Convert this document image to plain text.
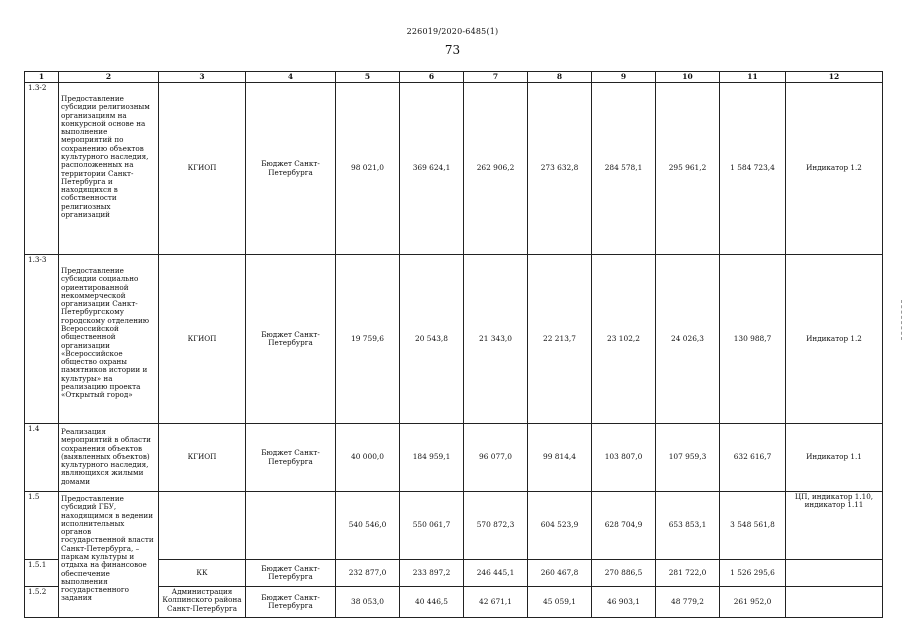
226019/2020-6485(1)
73
1	2	3	4	5	6	7	8	9	10	11	12
1.3-2	Предоставление субсидии религиозным организациям на конкурсной основе на выполнение мероприятий по сохранению объектов культурного наследия, расположенных на территории Санкт-Петербурга и находящихся в собственности религиозных организаций	КГИОП	Бюджет Санкт-Петербурга	98 021,0	369 624,1	262 906,2	273 632,8	284 578,1	295 961,2	1 584 723,4	Индикатор 1.2
1.3-3	Предоставление субсидии социально ориентированной некоммерческой организации Санкт-Петербургскому городскому отделению Всероссийской общественной организации «Всероссийское общество охраны памятников истории и культуры» на реализацию проекта «Открытый город»	КГИОП	Бюджет Санкт-Петербурга	19 759,6	20 543,8	21 343,0	22 213,7	23 102,2	24 026,3	130 988,7	Индикатор 1.2
1.4	Реализация мероприятий в области сохранения объектов (выявленных объектов) культурного наследия, являющихся жилыми домами	КГИОП	Бюджет Санкт-Петербурга	40 000,0	184 959,1	96 077,0	99 814,4	103 807,0	107 959,3	632 616,7	Индикатор 1.1
1.5	Предоставление субсидий ГБУ, находящимся в ведении исполнительных органов государственной власти Санкт-Петербурга, – паркам культуры и отдыха на финансовое обеспечение выполнения государственного задания			540 546,0	550 061,7	570 872,3	604 523,9	628 704,9	653 853,1	3 548 561,8	ЦП, индикатор 1.10, индикатор 1.11
1.5.1		КК	Бюджет Санкт-Петербурга	232 877,0	233 897,2	246 445,1	260 467,8	270 886,5	281 722,0	1 526 295,6	
1.5.2		Администрация Колпинского района Санкт-Петербурга	Бюджет Санкт-Петербурга	38 053,0	40 446,5	42 671,1	45 059,1	46 903,1	48 779,2	261 952,0	
